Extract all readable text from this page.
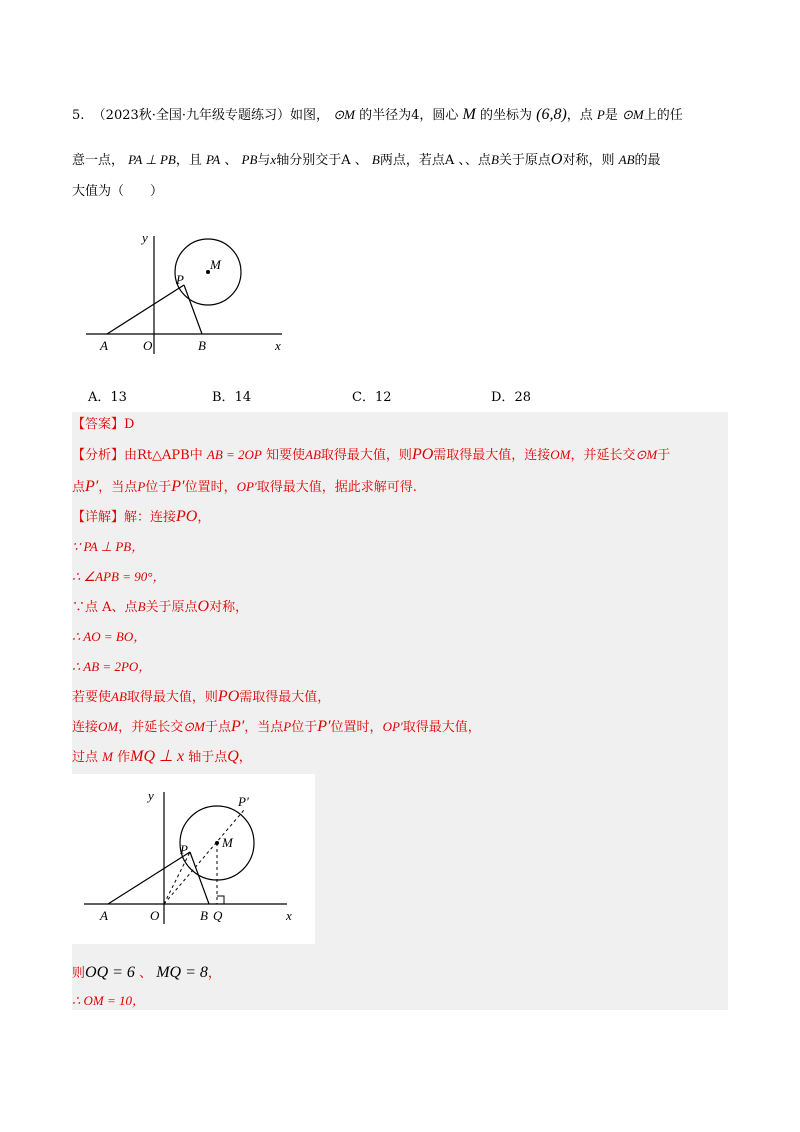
5. （2023秋·全国·九年级专题练习）如图， ⊙M 的半径为4，圆心 M 的坐标为 (6,8)，点 P是 ⊙M上的任
意一点， PA ⊥ PB，且 PA 、 PB与x轴分别交于A 、 B两点，若点A 、、点B关于原点O对称，则 AB的最
大值为（　　）
y
x
A	O	B
P
M
A．13	B．14	C．12	D．28
【答案】D
【分析】由Rt△APB中 AB = 2OP 知要使AB取得最大值，则PO需取得最大值，连接OM，并延长交⊙M于
点P′，当点P位于P′位置时，OP′取得最大值，据此求解可得.
【详解】解：连接PO，
∵ PA ⊥ PB，
∴ ∠APB = 90°，
∵点 A、点B关于原点O对称，
∴ AO = BO，
∴ AB = 2PO，
若要使AB取得最大值，则PO需取得最大值，
连接OM，并延长交⊙M于点P′，当点P位于P′位置时，OP′取得最大值，
过点 M 作MQ ⊥ x 轴于点Q，
y
x
A	O	B Q
P	M
P′
则OQ = 6 、 MQ = 8，
∴ OM = 10，
